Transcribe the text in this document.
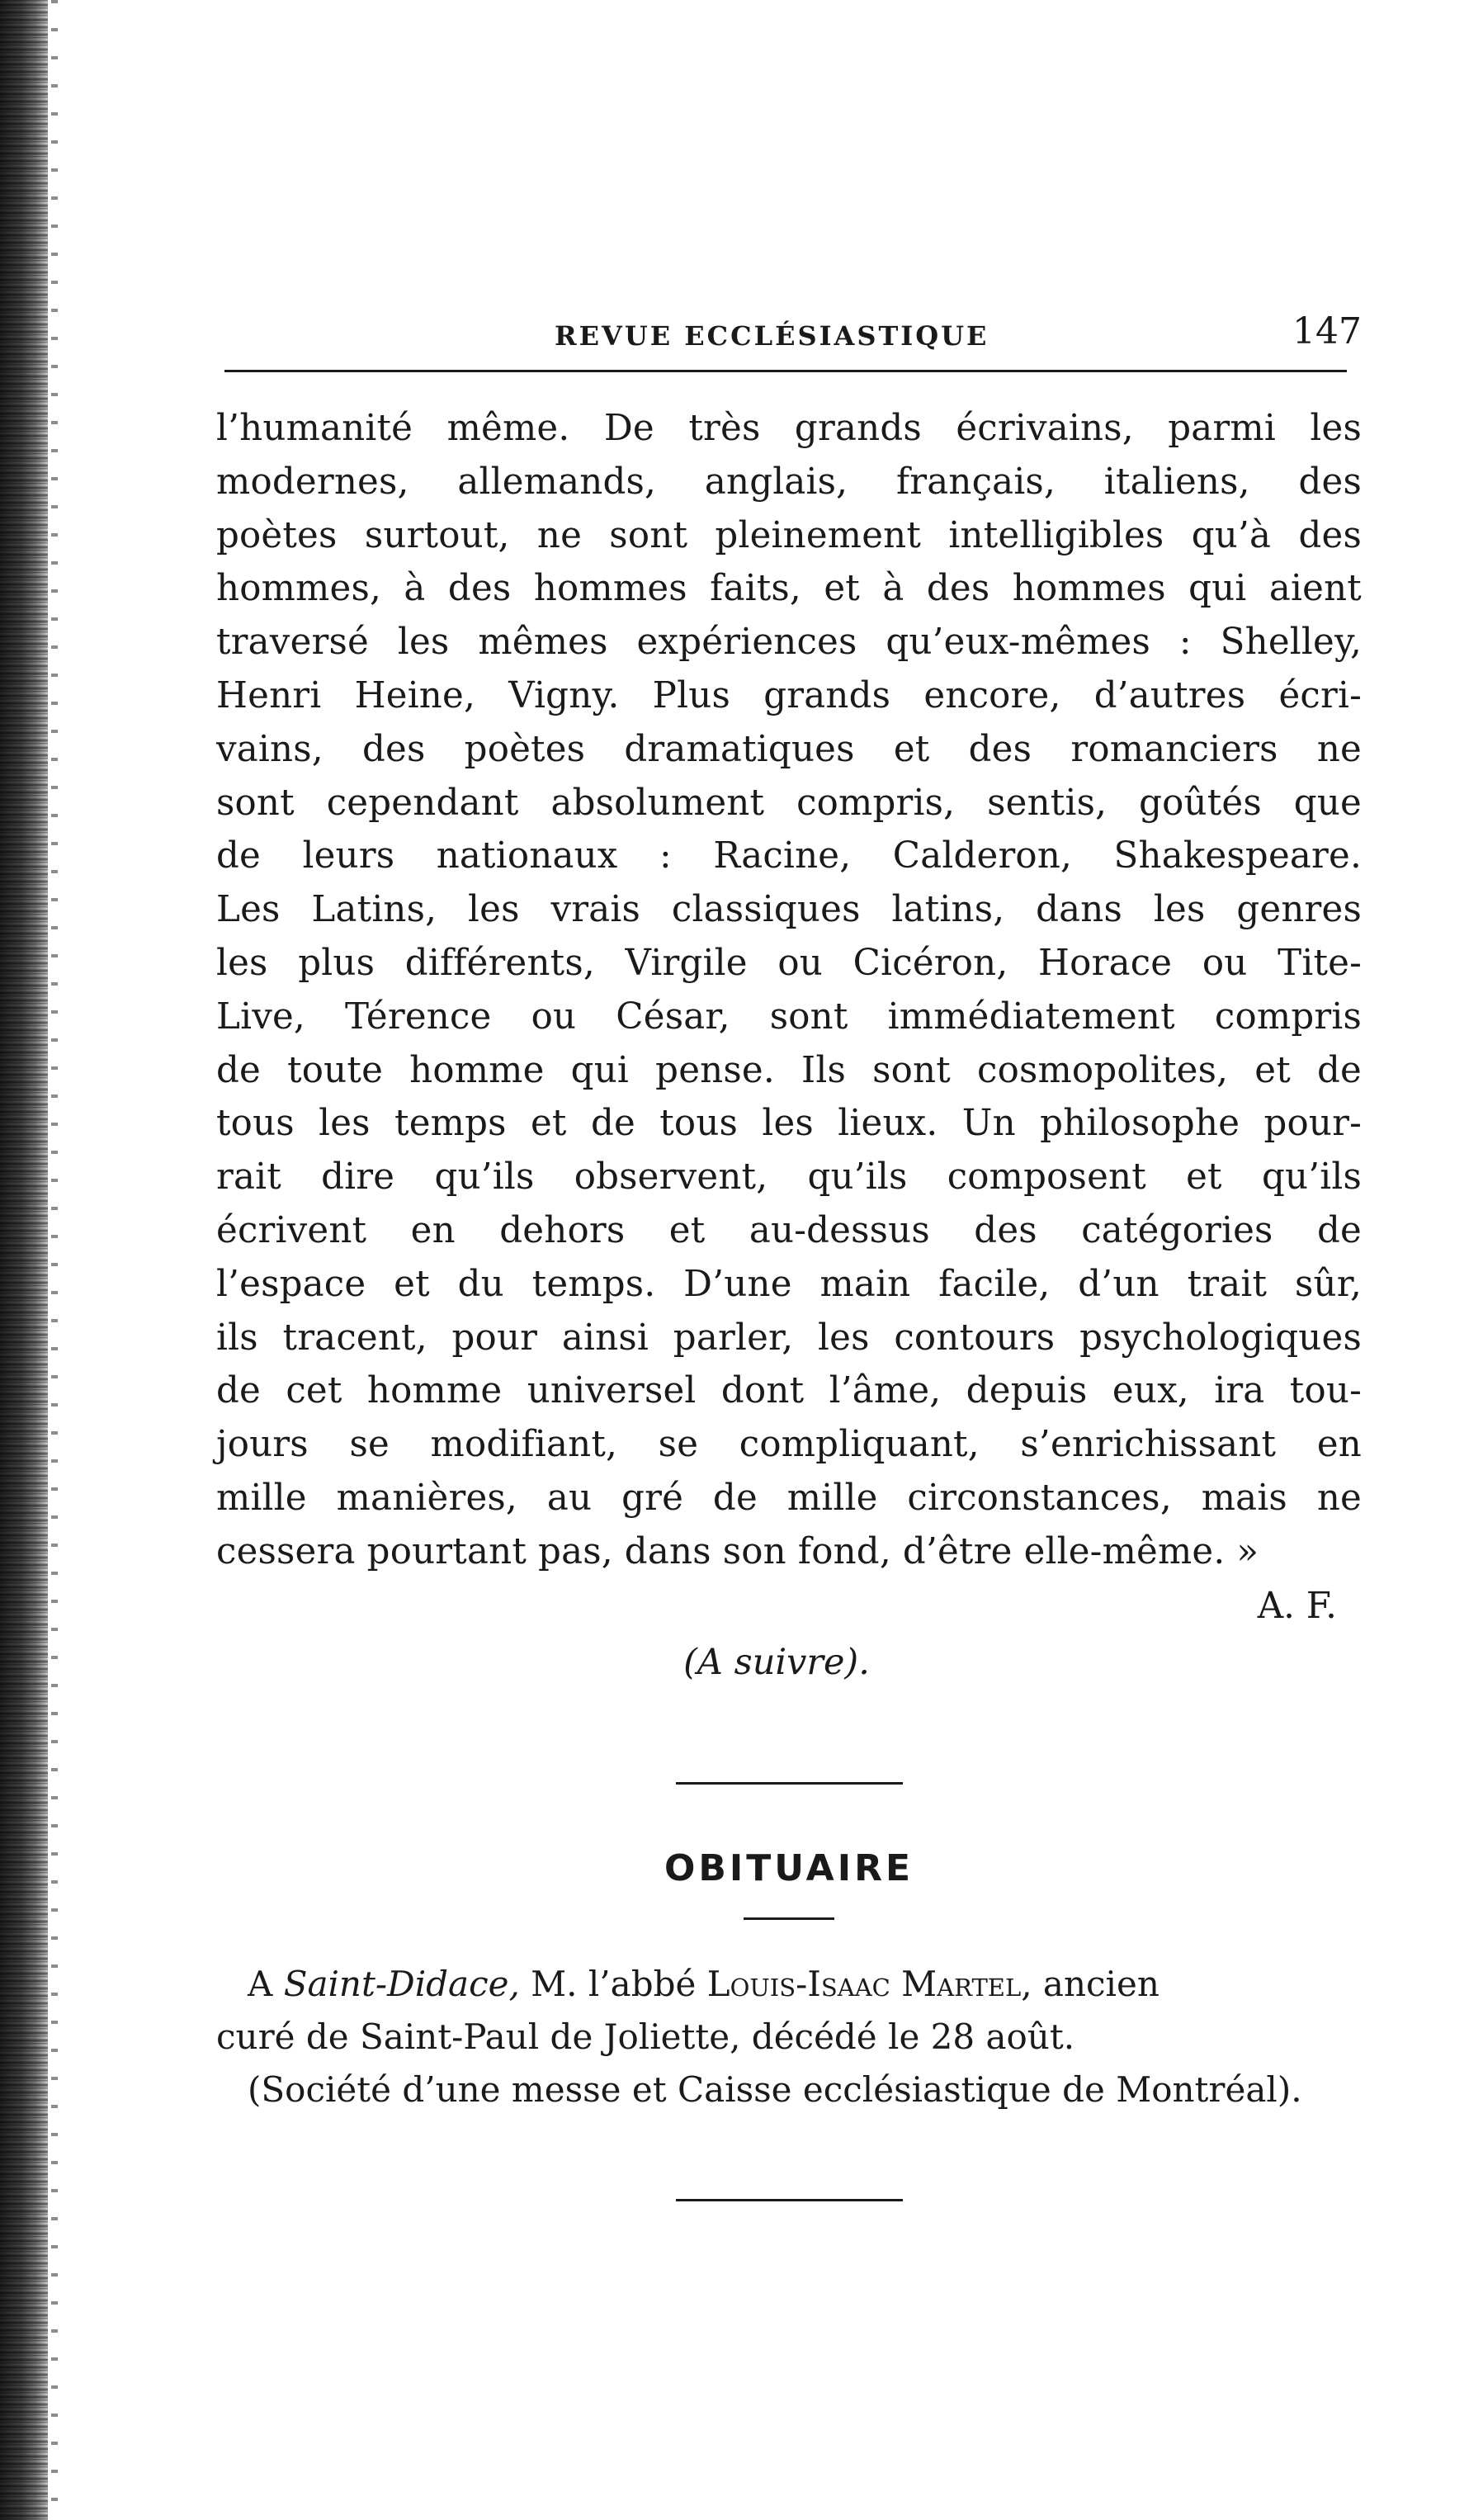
REVUE ECCLÉSIASTIQUE	147
l’humanité même. De très grands écrivains, parmi les
modernes, allemands, anglais, français, italiens, des
poètes surtout, ne sont pleinement intelligibles qu’à des
hommes, à des hommes faits, et à des hommes qui aient
traversé les mêmes expériences qu’eux-mêmes : Shelley,
Henri Heine, Vigny. Plus grands encore, d’autres écri-
vains, des poètes dramatiques et des romanciers ne
sont cependant absolument compris, sentis, goûtés que
de leurs nationaux : Racine, Calderon, Shakespeare.
Les Latins, les vrais classiques latins, dans les genres
les plus différents, Virgile ou Cicéron, Horace ou Tite-
Live, Térence ou César, sont immédiatement compris
de toute homme qui pense. Ils sont cosmopolites, et de
tous les temps et de tous les lieux. Un philosophe pour-
rait dire qu’ils observent, qu’ils composent et qu’ils
écrivent en dehors et au-dessus des catégories de
l’espace et du temps. D’une main facile, d’un trait sûr,
ils tracent, pour ainsi parler, les contours psychologiques
de cet homme universel dont l’âme, depuis eux, ira tou-
jours se modifiant, se compliquant, s’enrichissant en
mille manières, au gré de mille circonstances, mais ne
cessera pourtant pas, dans son fond, d’être elle-même. »
A. F.
(A suivre).
OBITUAIRE
A Saint-Didace, M. l’abbé Louis-Isaac Martel, ancien
curé de Saint-Paul de Joliette, décédé le 28 août.
(Société d’une messe et Caisse ecclésiastique de Montréal).
